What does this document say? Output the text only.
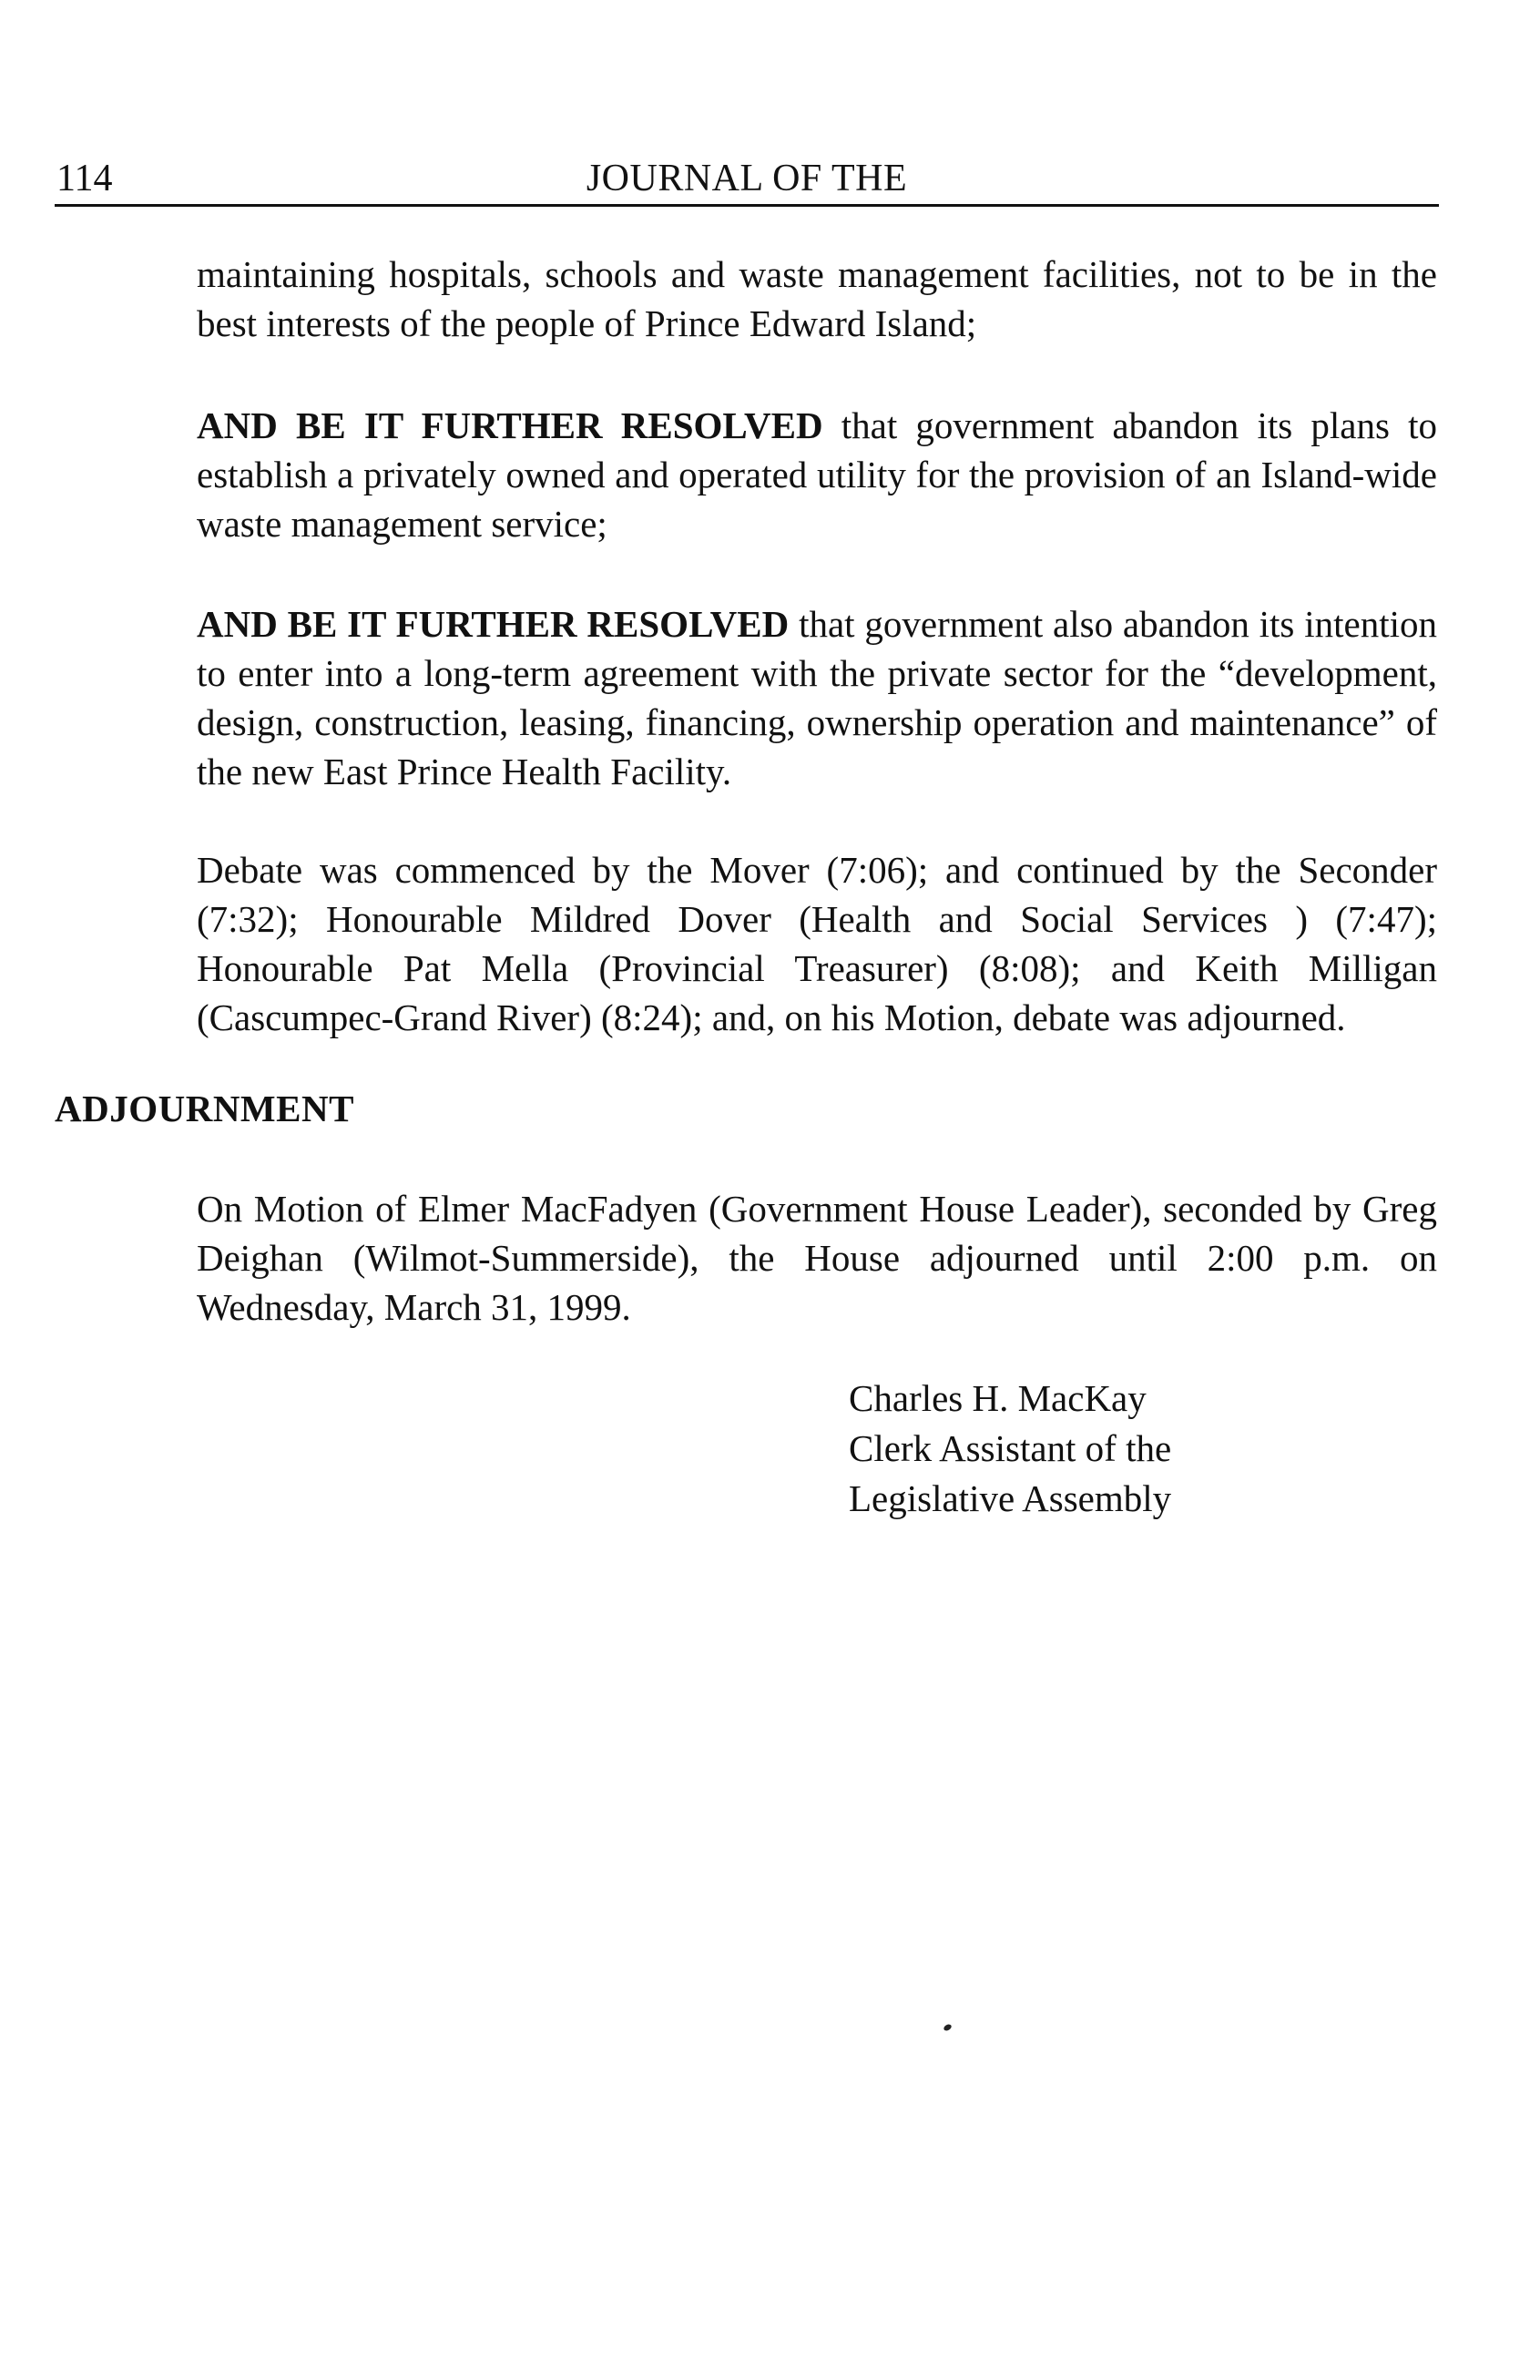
114	JOURNAL OF THE

maintaining hospitals, schools and waste management facilities, not to be in the best interests of the people of Prince Edward Island;

AND BE IT FURTHER RESOLVED that government abandon its plans to establish a privately owned and operated utility for the provision of an Island-wide waste management service;

AND BE IT FURTHER RESOLVED that government also abandon its intention to enter into a long-term agreement with the private sector for the “development, design, construction, leasing, financing, ownership operation and maintenance” of the new East Prince Health Facility.

Debate was commenced by the Mover (7:06); and continued by the Seconder (7:32); Honourable Mildred Dover (Health and Social Services ) (7:47); Honourable Pat Mella (Provincial Treasurer) (8:08); and Keith Milligan (Cascumpec-Grand River) (8:24); and, on his Motion, debate was adjourned.

ADJOURNMENT

On Motion of Elmer MacFadyen (Government House Leader), seconded by Greg Deighan (Wilmot-Summerside), the House adjourned until 2:00 p.m. on Wednesday, March 31, 1999.

Charles H. MacKay
Clerk Assistant of the
Legislative Assembly
